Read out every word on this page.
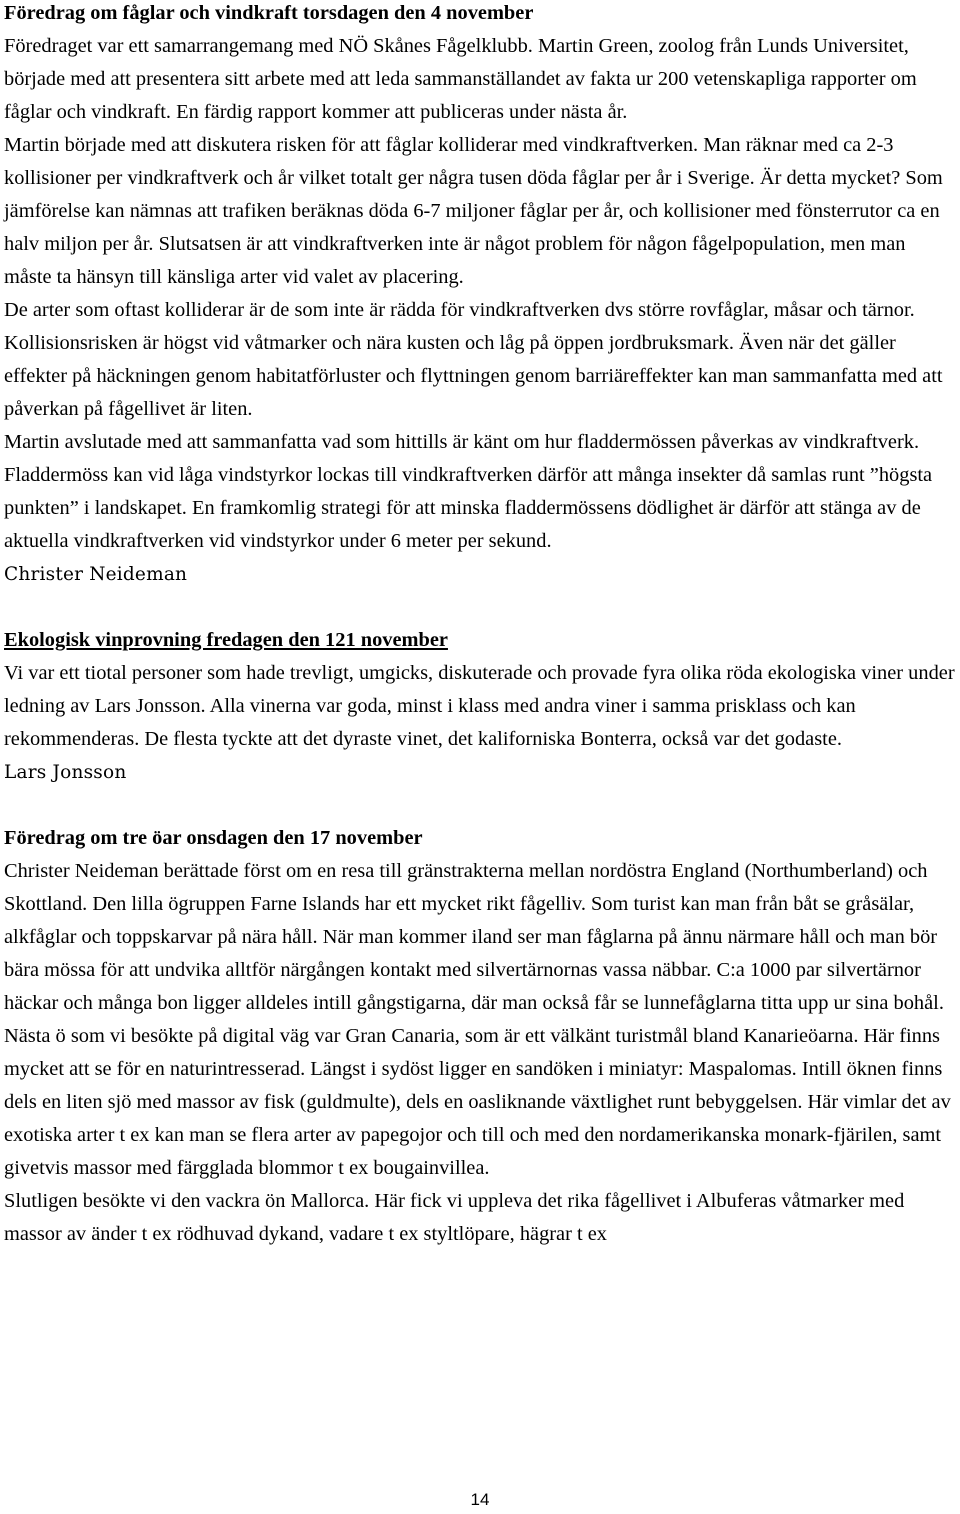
Föredrag om fåglar och vindkraft torsdagen den 4 november

Föredraget var ett samarrangemang med NÖ Skånes Fågelklubb. Martin Green, zoolog från Lunds Universitet, började med att presentera sitt arbete med att leda sammanställandet av fakta ur 200 vetenskapliga rapporter om fåglar och vindkraft. En färdig rapport kommer att publiceras under nästa år.

Martin började med att diskutera risken för att fåglar kolliderar med vindkraftverken. Man räknar med ca 2-3 kollisioner per vindkraftverk och år vilket totalt ger några tusen döda fåglar per år i Sverige. Är detta mycket? Som jämförelse kan nämnas att trafiken beräknas döda 6-7 miljoner fåglar per år, och kollisioner med fönsterrutor ca en halv miljon per år. Slutsatsen är att vindkraftverken inte är något problem för någon fågelpopulation, men man måste ta hänsyn till känsliga arter vid valet av placering.

De arter som oftast kolliderar är de som inte är rädda för vindkraftverken dvs större rovfåglar, måsar och tärnor. Kollisionsrisken är högst vid våtmarker och nära kusten och låg på öppen jordbruksmark. Även när det gäller effekter på häckningen genom habitatförluster och flyttningen genom barriäreffekter kan man sammanfatta med att påverkan på fågellivet är liten.

Martin avslutade med att sammanfatta vad som hittills är känt om hur fladdermössen påverkas av vindkraftverk. Fladdermöss kan vid låga vindstyrkor lockas till vindkraftverken därför att många insekter då samlas runt ”högsta punkten” i landskapet. En framkomlig strategi för att minska fladdermössens dödlighet är därför att stänga av de aktuella vindkraftverken vid vindstyrkor under 6 meter per sekund.

Christer Neideman

Ekologisk vinprovning fredagen den 121 november

Vi var ett tiotal personer som hade trevligt, umgicks, diskuterade och provade fyra olika röda ekologiska viner under ledning av Lars Jonsson. Alla vinerna var goda, minst i klass med andra viner i samma prisklass och kan rekommenderas. De flesta tyckte att det dyraste vinet, det kaliforniska Bonterra, också var det godaste.

Lars Jonsson

Föredrag om tre öar onsdagen den 17 november

Christer Neideman berättade först om en resa till gränstrakterna mellan nordöstra England (Northumberland) och Skottland. Den lilla ögruppen Farne Islands har ett mycket rikt fågelliv. Som turist kan man från båt se gråsälar, alkfåglar och toppskarvar på nära håll. När man kommer iland ser man fåglarna på ännu närmare håll och man bör bära mössa för att undvika alltför närgången kontakt med silvertärnornas vassa näbbar. C:a 1000 par silvertärnor häckar och många bon ligger alldeles intill gångstigarna, där man också får se lunnefåglarna titta upp ur sina bohål.

Nästa ö som vi besökte på digital väg var Gran Canaria, som är ett välkänt turistmål bland Kanarieöarna. Här finns mycket att se för en naturintresserad. Längst i sydöst ligger en sandöken i miniatyr: Maspalomas. Intill öknen finns dels en liten sjö med massor av fisk (guldmulte), dels en oasliknande växtlighet runt bebyggelsen. Här vimlar det av exotiska arter t ex kan man se flera arter av papegojor och till och med den nordamerikanska monark-fjärilen, samt givetvis massor med färgglada blommor t ex bougainvillea.

Slutligen besökte vi den vackra ön Mallorca. Här fick vi uppleva det rika fågellivet i Albuferas våtmarker med massor av änder t ex rödhuvad dykand, vadare t ex styltlöpare, hägrar t ex

14
